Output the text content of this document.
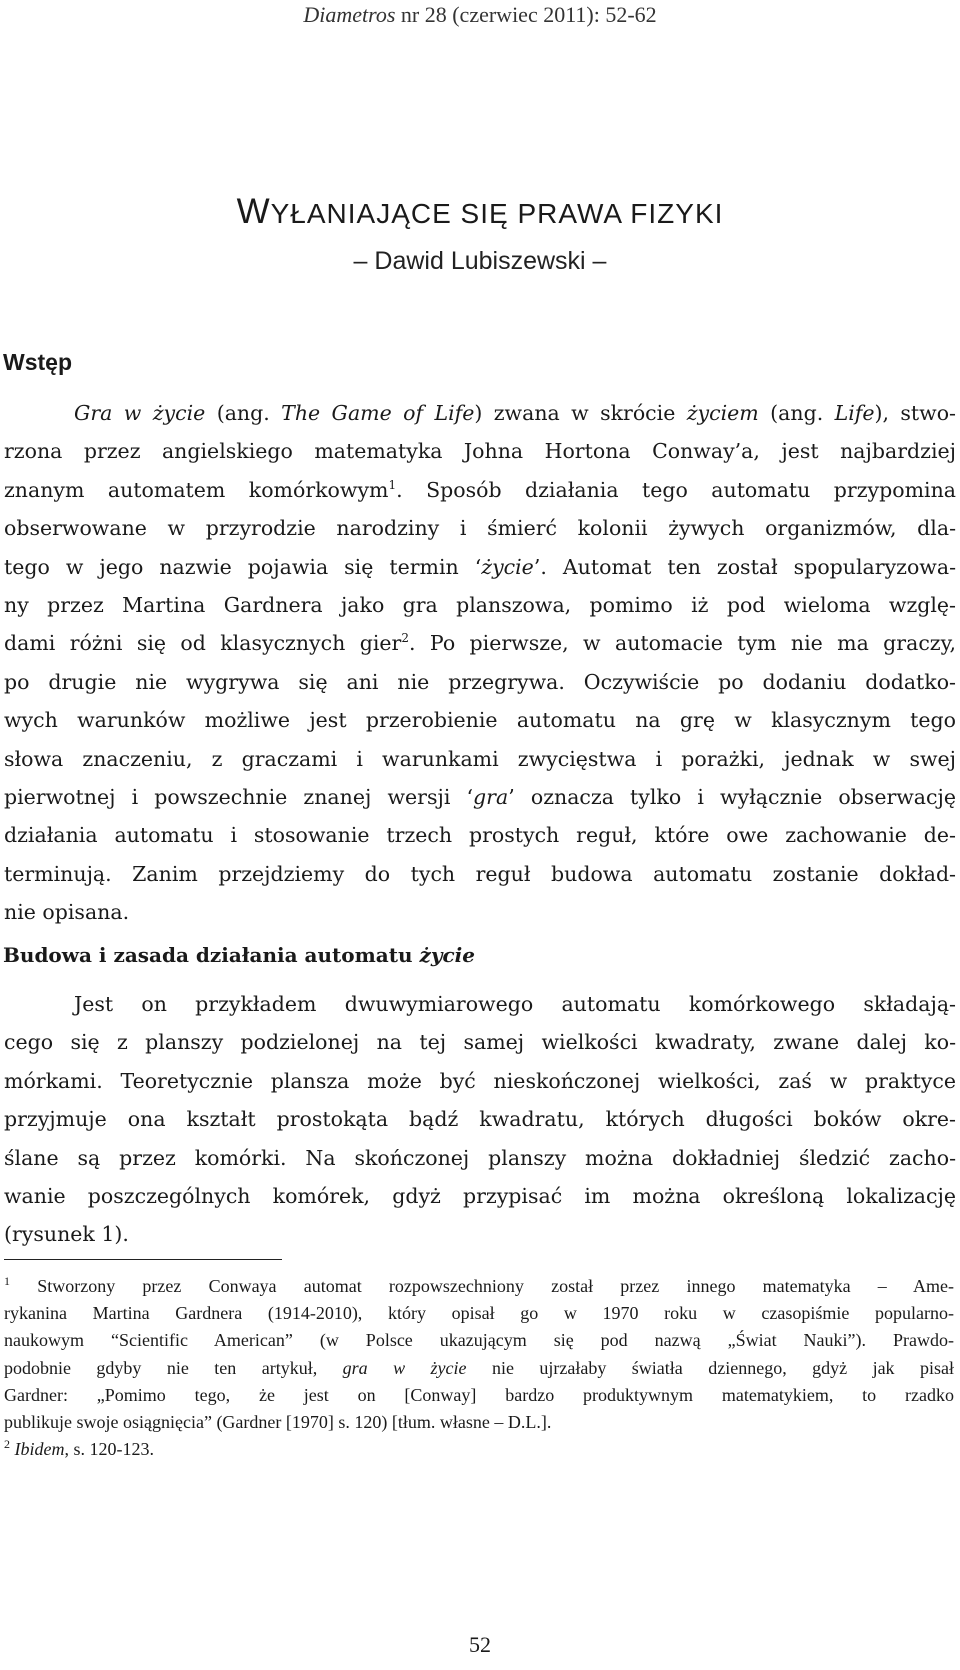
Diametros nr 28 (czerwiec 2011): 52-62
WYŁANIAJĄCE SIĘ PRAWA FIZYKI
– Dawid Lubiszewski –
Wstęp
Gra w życie (ang. The Game of Life) zwana w skrócie życiem (ang. Life), stwo-
rzona przez angielskiego matematyka Johna Hortona Conway’a, jest najbardziej
znanym automatem komórkowym$^1$. Sposób działania tego automatu przypomina
obserwowane w przyrodzie narodziny i śmierć kolonii żywych organizmów, dla-
tego w jego nazwie pojawia się termin ‘życie’. Automat ten został spopularyzowa-
ny przez Martina Gardnera jako gra planszowa, pomimo iż pod wieloma wzglę-
dami różni się od klasycznych gier$^2$. Po pierwsze, w automacie tym nie ma graczy,
po drugie nie wygrywa się ani nie przegrywa. Oczywiście po dodaniu dodatko-
wych warunków możliwe jest przerobienie automatu na grę w klasycznym tego
słowa znaczeniu, z graczami i warunkami zwycięstwa i porażki, jednak w swej
pierwotnej i powszechnie znanej wersji ‘gra’ oznacza tylko i wyłącznie obserwację
działania automatu i stosowanie trzech prostych reguł, które owe zachowanie de-
terminują. Zanim przejdziemy do tych reguł budowa automatu zostanie dokład-
nie opisana.
Budowa i zasada działania automatu życie
Jest on przykładem dwuwymiarowego automatu komórkowego składają-
cego się z planszy podzielonej na tej samej wielkości kwadraty, zwane dalej ko-
mórkami. Teoretycznie plansza może być nieskończonej wielkości, zaś w praktyce
przyjmuje ona kształt prostokąta bądź kwadratu, których długości boków okre-
ślane są przez komórki. Na skończonej planszy można dokładniej śledzić zacho-
wanie poszczególnych komórek, gdyż przypisać im można określoną lokalizację
(rysunek 1).
$^1$ Stworzony przez Conwaya automat rozpowszechniony został przez innego matematyka – Ame-
rykanina Martina Gardnera (1914-2010), który opisał go w 1970 roku w czasopiśmie popularno-
naukowym “Scientific American” (w Polsce ukazującym się pod nazwą „Świat Nauki”). Prawdo-
podobnie gdyby nie ten artykuł, gra w życie nie ujrzałaby światła dziennego, gdyż jak pisał
Gardner: „Pomimo tego, że jest on [Conway] bardzo produktywnym matematykiem, to rzadko
publikuje swoje osiągnięcia” (Gardner [1970] s. 120) [tłum. własne – D.L.].
$^2$ Ibidem, s. 120-123.
52
